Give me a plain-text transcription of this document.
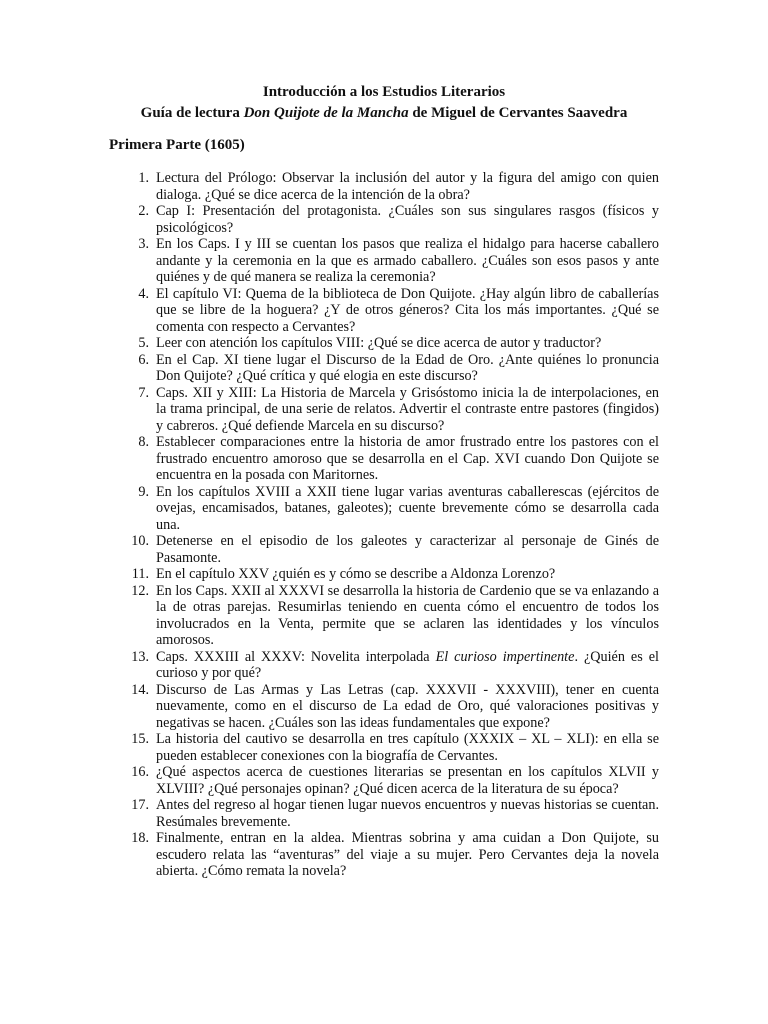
Introducción a los Estudios Literarios
Guía de lectura Don Quijote de la Mancha de Miguel de Cervantes Saavedra
Primera Parte (1605)
1. Lectura del Prólogo: Observar la inclusión del autor y la figura del amigo con quien dialoga. ¿Qué se dice acerca de la intención de la obra?
2. Cap I: Presentación del protagonista. ¿Cuáles son sus singulares rasgos (físicos y psicológicos?
3. En los Caps. I y III se cuentan los pasos que realiza el hidalgo para hacerse caballero andante y la ceremonia en la que es armado caballero. ¿Cuáles son esos pasos y ante quiénes y de qué manera se realiza la ceremonia?
4. El capítulo VI: Quema de la biblioteca de Don Quijote. ¿Hay algún libro de caballerías que se libre de la hoguera? ¿Y de otros géneros? Cita los más importantes. ¿Qué se comenta con respecto a Cervantes?
5. Leer con atención los capítulos VIII: ¿Qué se dice acerca de autor y traductor?
6. En el Cap. XI tiene lugar el Discurso de la Edad de Oro. ¿Ante quiénes lo pronuncia Don Quijote? ¿Qué crítica y qué elogia en este discurso?
7. Caps. XII y XIII: La Historia de Marcela y Grisóstomo inicia la de interpolaciones, en la trama principal, de una serie de relatos. Advertir el contraste entre pastores (fingidos) y cabreros. ¿Qué defiende Marcela en su discurso?
8. Establecer comparaciones entre la historia de amor frustrado entre los pastores con el frustrado encuentro amoroso que se desarrolla en el Cap. XVI cuando Don Quijote se encuentra en la posada con Maritornes.
9. En los capítulos XVIII a XXII tiene lugar varias aventuras caballerescas (ejércitos de ovejas, encamisados, batanes, galeotes); cuente brevemente cómo se desarrolla cada una.
10. Detenerse en el episodio de los galeotes y caracterizar al personaje de Ginés de Pasamonte.
11. En el capítulo XXV ¿quién es y cómo se describe a Aldonza Lorenzo?
12. En los Caps. XXII al XXXVI se desarrolla la historia de Cardenio que se va enlazando a la de otras parejas. Resumirlas teniendo en cuenta cómo el encuentro de todos los involucrados en la Venta, permite que se aclaren las identidades y los vínculos amorosos.
13. Caps. XXXIII al XXXV: Novelita interpolada El curioso impertinente. ¿Quién es el curioso y por qué?
14. Discurso de Las Armas y Las Letras (cap. XXXVII - XXXVIII), tener en cuenta nuevamente, como en el discurso de La edad de Oro, qué valoraciones positivas y negativas se hacen. ¿Cuáles son las ideas fundamentales que expone?
15. La historia del cautivo se desarrolla en tres capítulo (XXXIX – XL – XLI): en ella se pueden establecer conexiones con la biografía de Cervantes.
16. ¿Qué aspectos acerca de cuestiones literarias se presentan en los capítulos XLVII y XLVIII? ¿Qué personajes opinan? ¿Qué dicen acerca de la literatura de su época?
17. Antes del regreso al hogar tienen lugar nuevos encuentros y nuevas historias se cuentan. Resúmales brevemente.
18. Finalmente, entran en la aldea. Mientras sobrina y ama cuidan a Don Quijote, su escudero relata las “aventuras” del viaje a su mujer. Pero Cervantes deja la novela abierta. ¿Cómo remata la novela?
